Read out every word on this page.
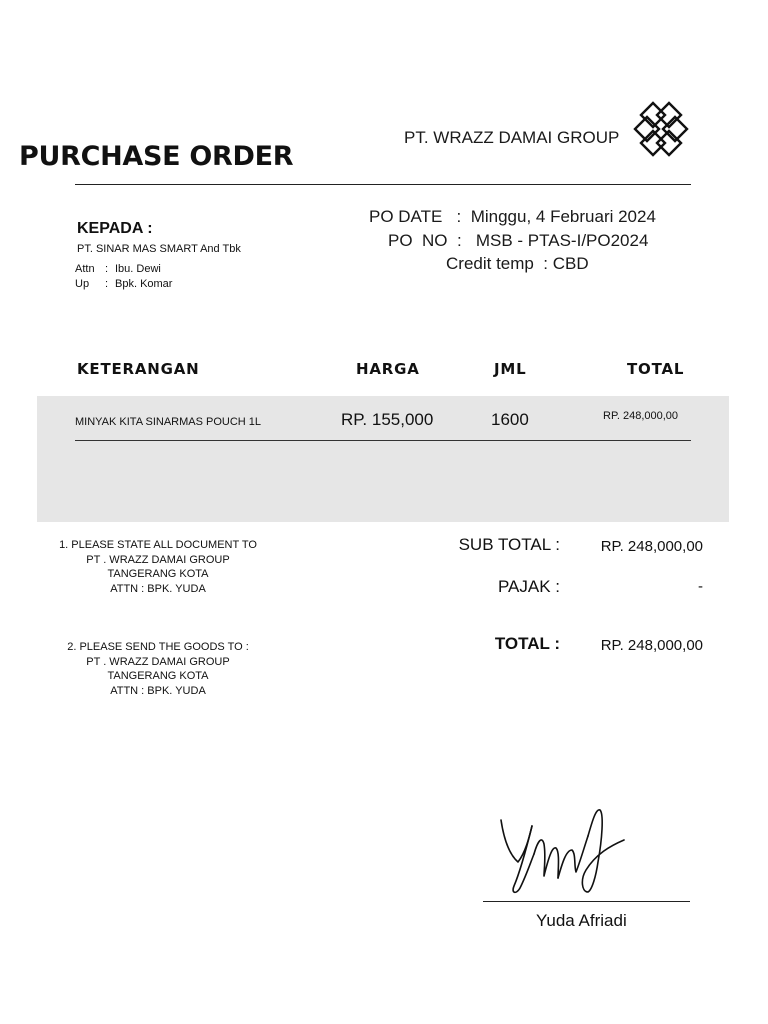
PURCHASE ORDER
PT. WRAZZ DAMAI GROUP
KEPADA :
PT. SINAR MAS SMART And Tbk
Attn : Ibu. Dewi
Up : Bpk. Komar
PO DATE   :  Minggu, 4 Februari 2024
PO  NO  :   MSB - PTAS-I/PO2024
Credit temp  : CBD
KETERANGAN	HARGA	JML	TOTAL
MINYAK KITA SINARMAS POUCH 1L	RP. 155,000	1600	RP. 248,000,00
1. PLEASE STATE ALL DOCUMENT TO
PT . WRAZZ DAMAI GROUP
TANGERANG KOTA
ATTN : BPK. YUDA
2. PLEASE SEND THE GOODS TO :
PT . WRAZZ DAMAI GROUP
TANGERANG KOTA
ATTN : BPK. YUDA
SUB TOTAL :	RP. 248,000,00
PAJAK :	-
TOTAL :	RP. 248,000,00
Yuda Afriadi
